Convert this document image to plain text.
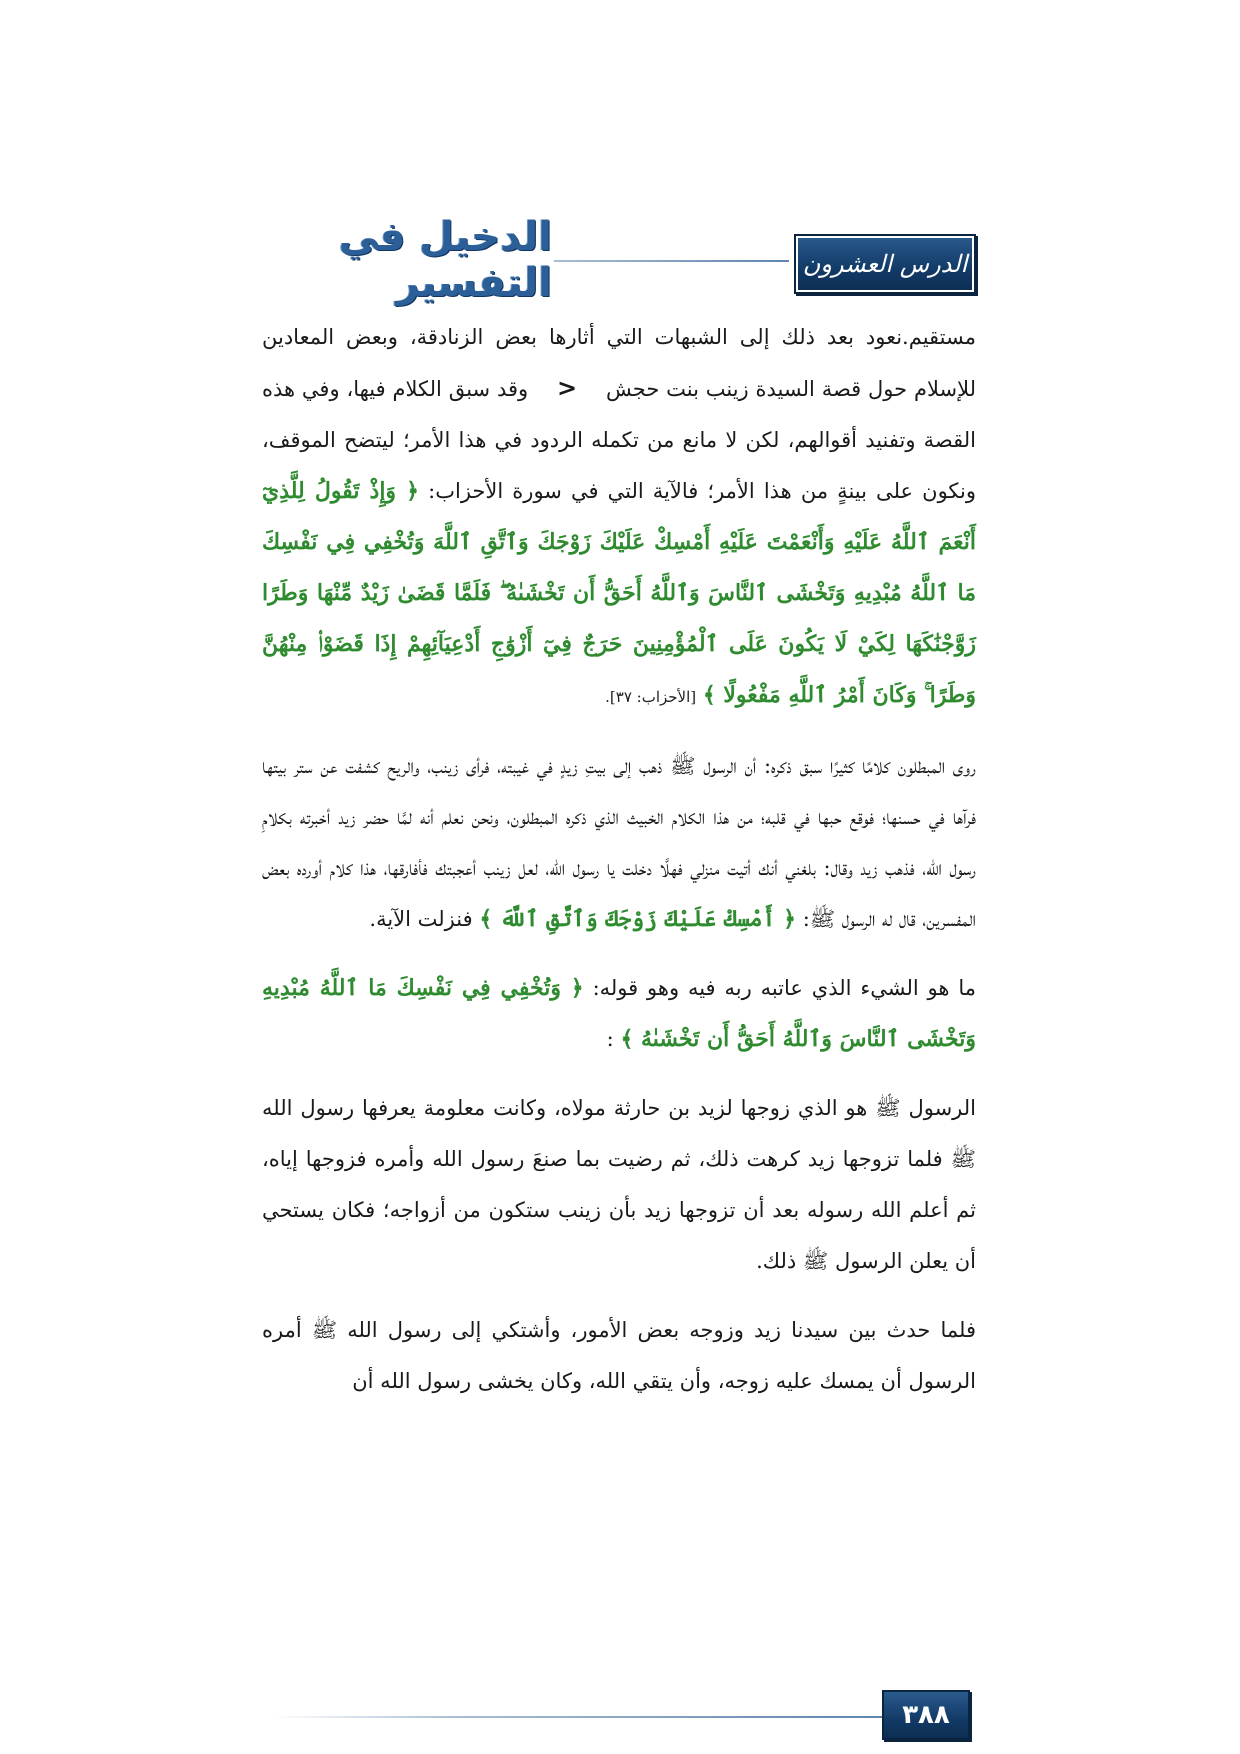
الدخيل في التفسير	الدرس العشرون

مستقيم.نعود بعد ذلك إلى الشبهات التي أثارها بعض الزنادقة، وبعض المعادين للإسلام حول قصة السيدة زينب بنت حجش < وقد سبق الكلام فيها، وفي هذه القصة وتفنيد أقوالهم، لكن لا مانع من تكمله الردود في هذا الأمر؛ ليتضح الموقف، ونكون على بينةٍ من هذا الأمر؛ فالآية التي في سورة الأحزاب: ﴿ وَإِذْ تَقُولُ لِلَّذِيٓ أَنْعَمَ ٱللَّهُ عَلَيْهِ وَأَنْعَمْتَ عَلَيْهِ أَمْسِكْ عَلَيْكَ زَوْجَكَ وَٱتَّقِ ٱللَّهَ وَتُخْفِي فِي نَفْسِكَ مَا ٱللَّهُ مُبْدِيهِ وَتَخْشَى ٱلنَّاسَ وَٱللَّهُ أَحَقُّ أَن تَخْشَىٰهُ ۖ فَلَمَّا قَضَىٰ زَيْدٌ مِّنْهَا وَطَرًا زَوَّجْنَٰكَهَا لِكَيْ لَا يَكُونَ عَلَى ٱلْمُؤْمِنِينَ حَرَجٌ فِيٓ أَزْوَٰجِ أَدْعِيَآئِهِمْ إِذَا قَضَوْا۟ مِنْهُنَّ وَطَرًا ۚ وَكَانَ أَمْرُ ٱللَّهِ مَفْعُولًا ﴾ [الأحزاب: ٣٧].

روى المبطلون كلامًا كثيرًا سبق ذكره: أن الرسول ﷺ ذهب إلى بيتِ زيدٍ في غيبته، فرأى زينب، والريح كشفت عن ستر بيتها فرآها في حسنها؛ فوقع حبها في قلبه؛ من هذا الكلام الخبيث الذي ذكره المبطلون، ونحن نعلم أنه لمَّا حضر زيد أخبرته بكلامِ رسول الله، فذهب زيد وقال: بلغني أنك أتيت منزلي فهلَّا دخلت يا رسول الله، لعل زينب أعجبتك فأفارقها، هذا كلام أورده بعض المفسرين، قال له الرسول ﷺ: ﴿ أَمْسِكْ عَلَيْكَ زَوْجَكَ وَٱتَّقِ ٱللَّهَ ﴾ فنزلت الآية.

ما هو الشيء الذي عاتبه ربه فيه وهو قوله: ﴿ وَتُخْفِي فِي نَفْسِكَ مَا ٱللَّهُ مُبْدِيهِ وَتَخْشَى ٱلنَّاسَ وَٱللَّهُ أَحَقُّ أَن تَخْشَىٰهُ ﴾ :

الرسول ﷺ هو الذي زوجها لزيد بن حارثة مولاه، وكانت معلومة يعرفها رسول الله ﷺ فلما تزوجها زيد كرهت ذلك، ثم رضيت بما صنعَ رسول الله وأمره فزوجها إياه، ثم أعلم الله رسوله بعد أن تزوجها زيد بأن زينب ستكون من أزواجه؛ فكان يستحي أن يعلن الرسول ﷺ ذلك.

فلما حدث بين سيدنا زيد وزوجه بعض الأمور، وأشتكي إلى رسول الله ﷺ أمره الرسول أن يمسك عليه زوجه، وأن يتقي الله، وكان يخشى رسول الله أن

٣٨٨
